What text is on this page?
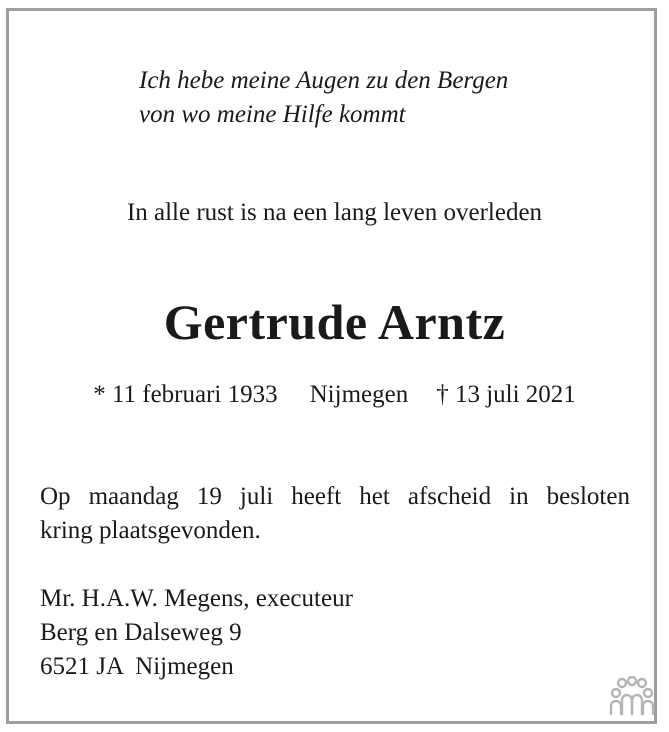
Ich hebe meine Augen zu den Bergen
von wo meine Hilfe kommt
In alle rust is na een lang leven overleden
Gertrude Arntz
* 11 februari 1933 Nijmegen † 13 juli 2021
Op maandag 19 juli heeft het afscheid in besloten
kring plaatsgevonden.
Mr. H.A.W. Megens, executeur
Berg en Dalseweg 9
6521 JA  Nijmegen
